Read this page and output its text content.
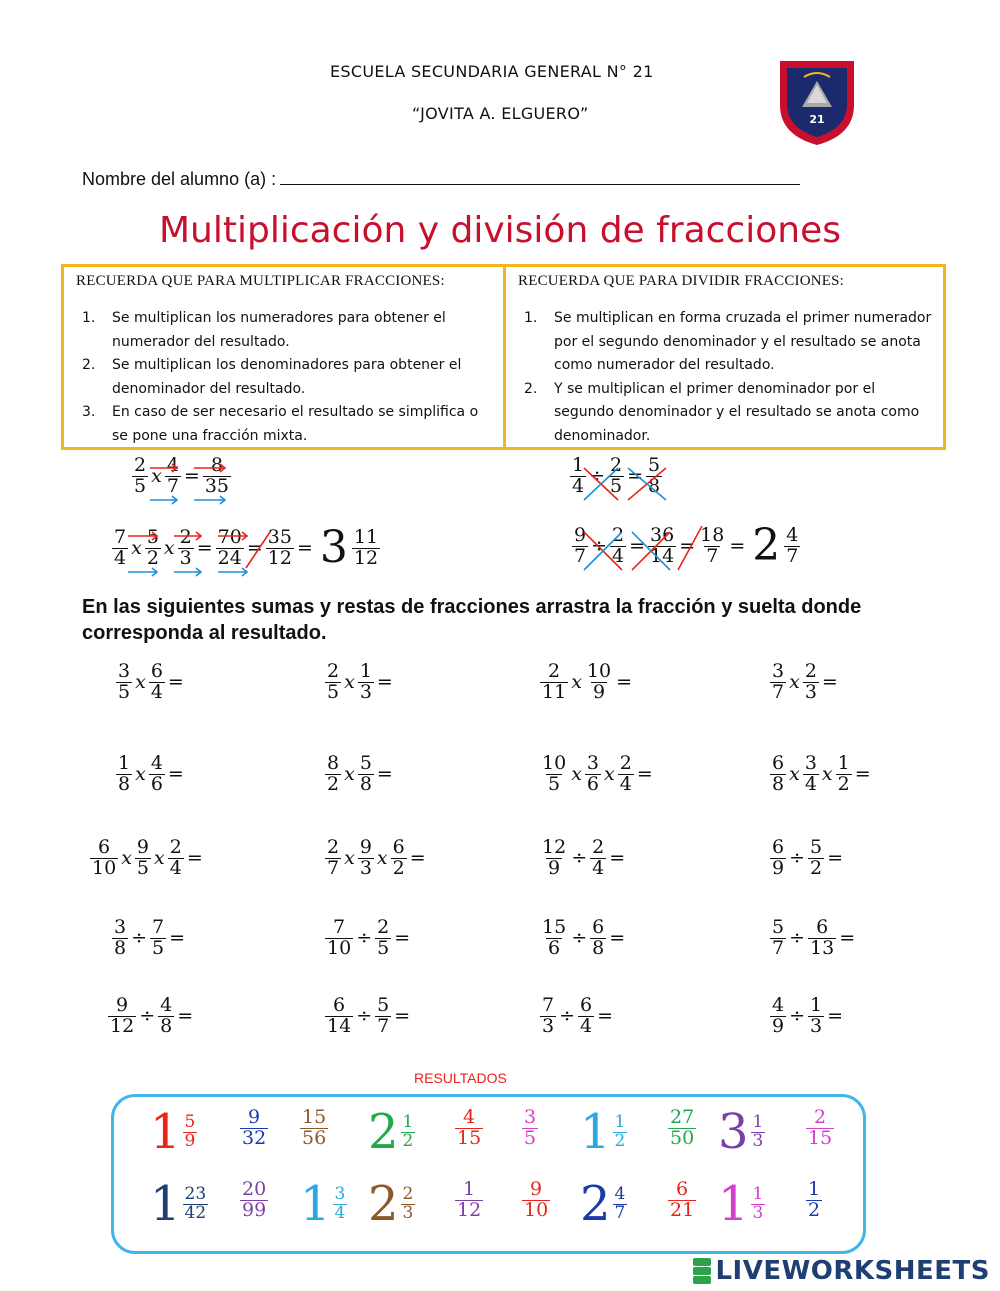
ESCUELA SECUNDARIA GENERAL N° 21
“JOVITA A. ELGUERO”	21
Nombre del alumno (a) :
Multiplicación y división de fracciones
RECUERDA QUE PARA MULTIPLICAR FRACCIONES:
1. Se multiplican los numeradores para obtener el numerador del resultado.
2. Se multiplican los denominadores para obtener el denominador del resultado.
3. En caso de ser necesario el resultado se simplifica o se pone una fracción mixta.
RECUERDA QUE PARA DIVIDIR FRACCIONES:
1. Se multiplican en forma cruzada el primer numerador por el segundo denominador y el resultado se anota como numerador del resultado.
2. Y se multiplican el primer denominador por el segundo denominador y el resultado se anota como denominador.
$\frac{2}{5}$ x $\frac{4}{7} = \frac{8}{35}$
$\frac{7}{4}$ x $\frac{5}{2}$ x $\frac{2}{3} = \frac{70}{24} = \frac{35}{12} = 3 \frac{11}{12}$
$\frac{1}{4} \div \frac{2}{5} = \frac{5}{8}$
$\frac{9}{7} \div \frac{2}{4} = \frac{36}{14} = \frac{18}{7} = 2 \frac{4}{7}$
En las siguientes sumas y restas de fracciones arrastra la fracción y suelta donde corresponda al resultado.
$\frac{3}{5}$ x $\frac{6}{4}$ =	$\frac{2}{5}$ x $\frac{1}{3}$ =	$\frac{2}{11}$ x $\frac{10}{9}$ =	$\frac{3}{7}$ x $\frac{2}{3}$ =
$\frac{1}{8}$ x $\frac{4}{6}$ =	$\frac{8}{2}$ x $\frac{5}{8}$ =	$\frac{10}{5}$ x $\frac{3}{6}$ x $\frac{2}{4}$ =	$\frac{6}{8}$ x $\frac{3}{4}$ x $\frac{1}{2}$ =
$\frac{6}{10}$ x $\frac{9}{5}$ x $\frac{2}{4}$ =	$\frac{2}{7}$ x $\frac{9}{3}$ x $\frac{6}{2}$ =	$\frac{12}{9} \div \frac{2}{4}$ =	$\frac{6}{9} \div \frac{5}{2}$ =
$\frac{3}{8} \div \frac{7}{5}$ =	$\frac{7}{10} \div \frac{2}{5}$ =	$\frac{15}{6} \div \frac{6}{8}$ =	$\frac{5}{7} \div \frac{6}{13}$ =
$\frac{9}{12} \div \frac{4}{8}$ =	$\frac{6}{14} \div \frac{5}{7}$ =	$\frac{7}{3} \div \frac{6}{4}$ =	$\frac{4}{9} \div \frac{1}{3}$ =
RESULTADOS
$1 \frac{5}{9} \frac{9}{32} \frac{15}{56} 2 \frac{1}{2} \frac{4}{15} \frac{3}{5} 1 \frac{1}{2} \frac{27}{50} 3 \frac{1}{3} \frac{2}{15}$
$1 \frac{23}{42} \frac{20}{99} 1 \frac{3}{4} 2 \frac{2}{3} \frac{1}{12} \frac{9}{10} 2 \frac{4}{7} \frac{6}{21} 1 \frac{1}{3} \frac{1}{2}$
LIVEWORKSHEETS
